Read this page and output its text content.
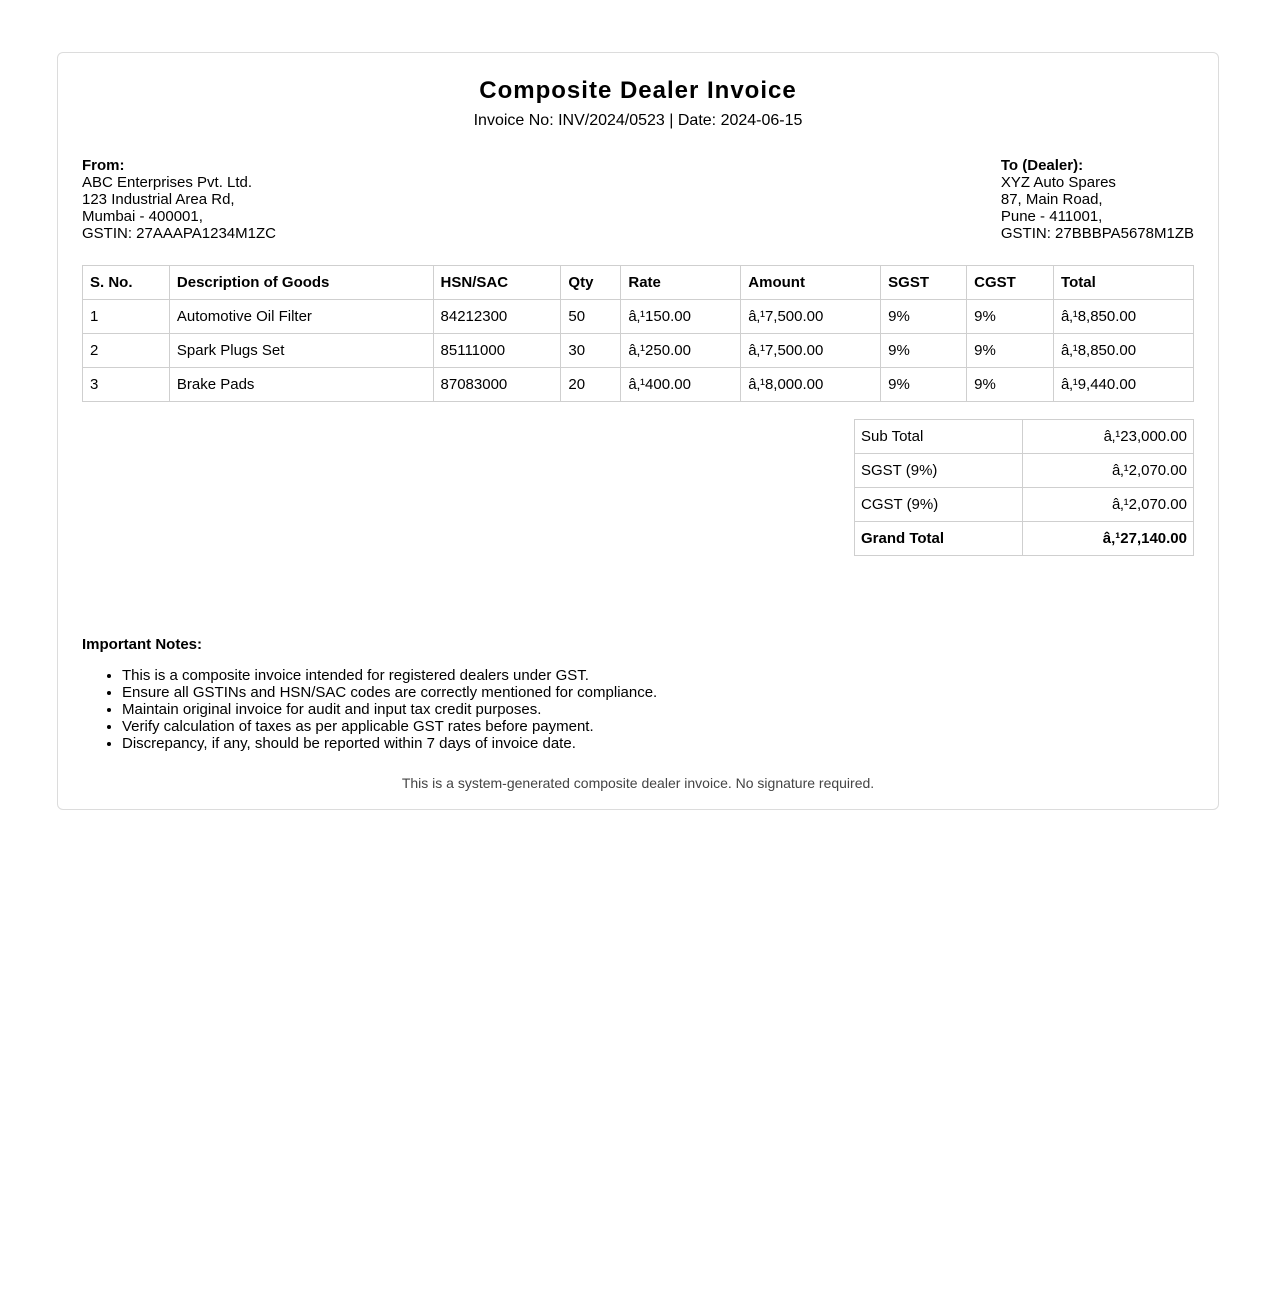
Composite Dealer Invoice
Invoice No: INV/2024/0523 | Date: 2024-06-15
From:
ABC Enterprises Pvt. Ltd.
123 Industrial Area Rd,
Mumbai - 400001,
GSTIN: 27AAAPA1234M1ZC
To (Dealer):
XYZ Auto Spares
87, Main Road,
Pune - 411001,
GSTIN: 27BBBPA5678M1ZB
S. No.	Description of Goods	HSN/SAC	Qty	Rate	Amount	SGST	CGST	Total
1	Automotive Oil Filter	84212300	50	â‚¹150.00	â‚¹7,500.00	9%	9%	â‚¹8,850.00
2	Spark Plugs Set	85111000	30	â‚¹250.00	â‚¹7,500.00	9%	9%	â‚¹8,850.00
3	Brake Pads	87083000	20	â‚¹400.00	â‚¹8,000.00	9%	9%	â‚¹9,440.00
Sub Total	â‚¹23,000.00
SGST (9%)	â‚¹2,070.00
CGST (9%)	â‚¹2,070.00
Grand Total	â‚¹27,140.00
Important Notes:
• This is a composite invoice intended for registered dealers under GST.
• Ensure all GSTINs and HSN/SAC codes are correctly mentioned for compliance.
• Maintain original invoice for audit and input tax credit purposes.
• Verify calculation of taxes as per applicable GST rates before payment.
• Discrepancy, if any, should be reported within 7 days of invoice date.
This is a system-generated composite dealer invoice. No signature required.
